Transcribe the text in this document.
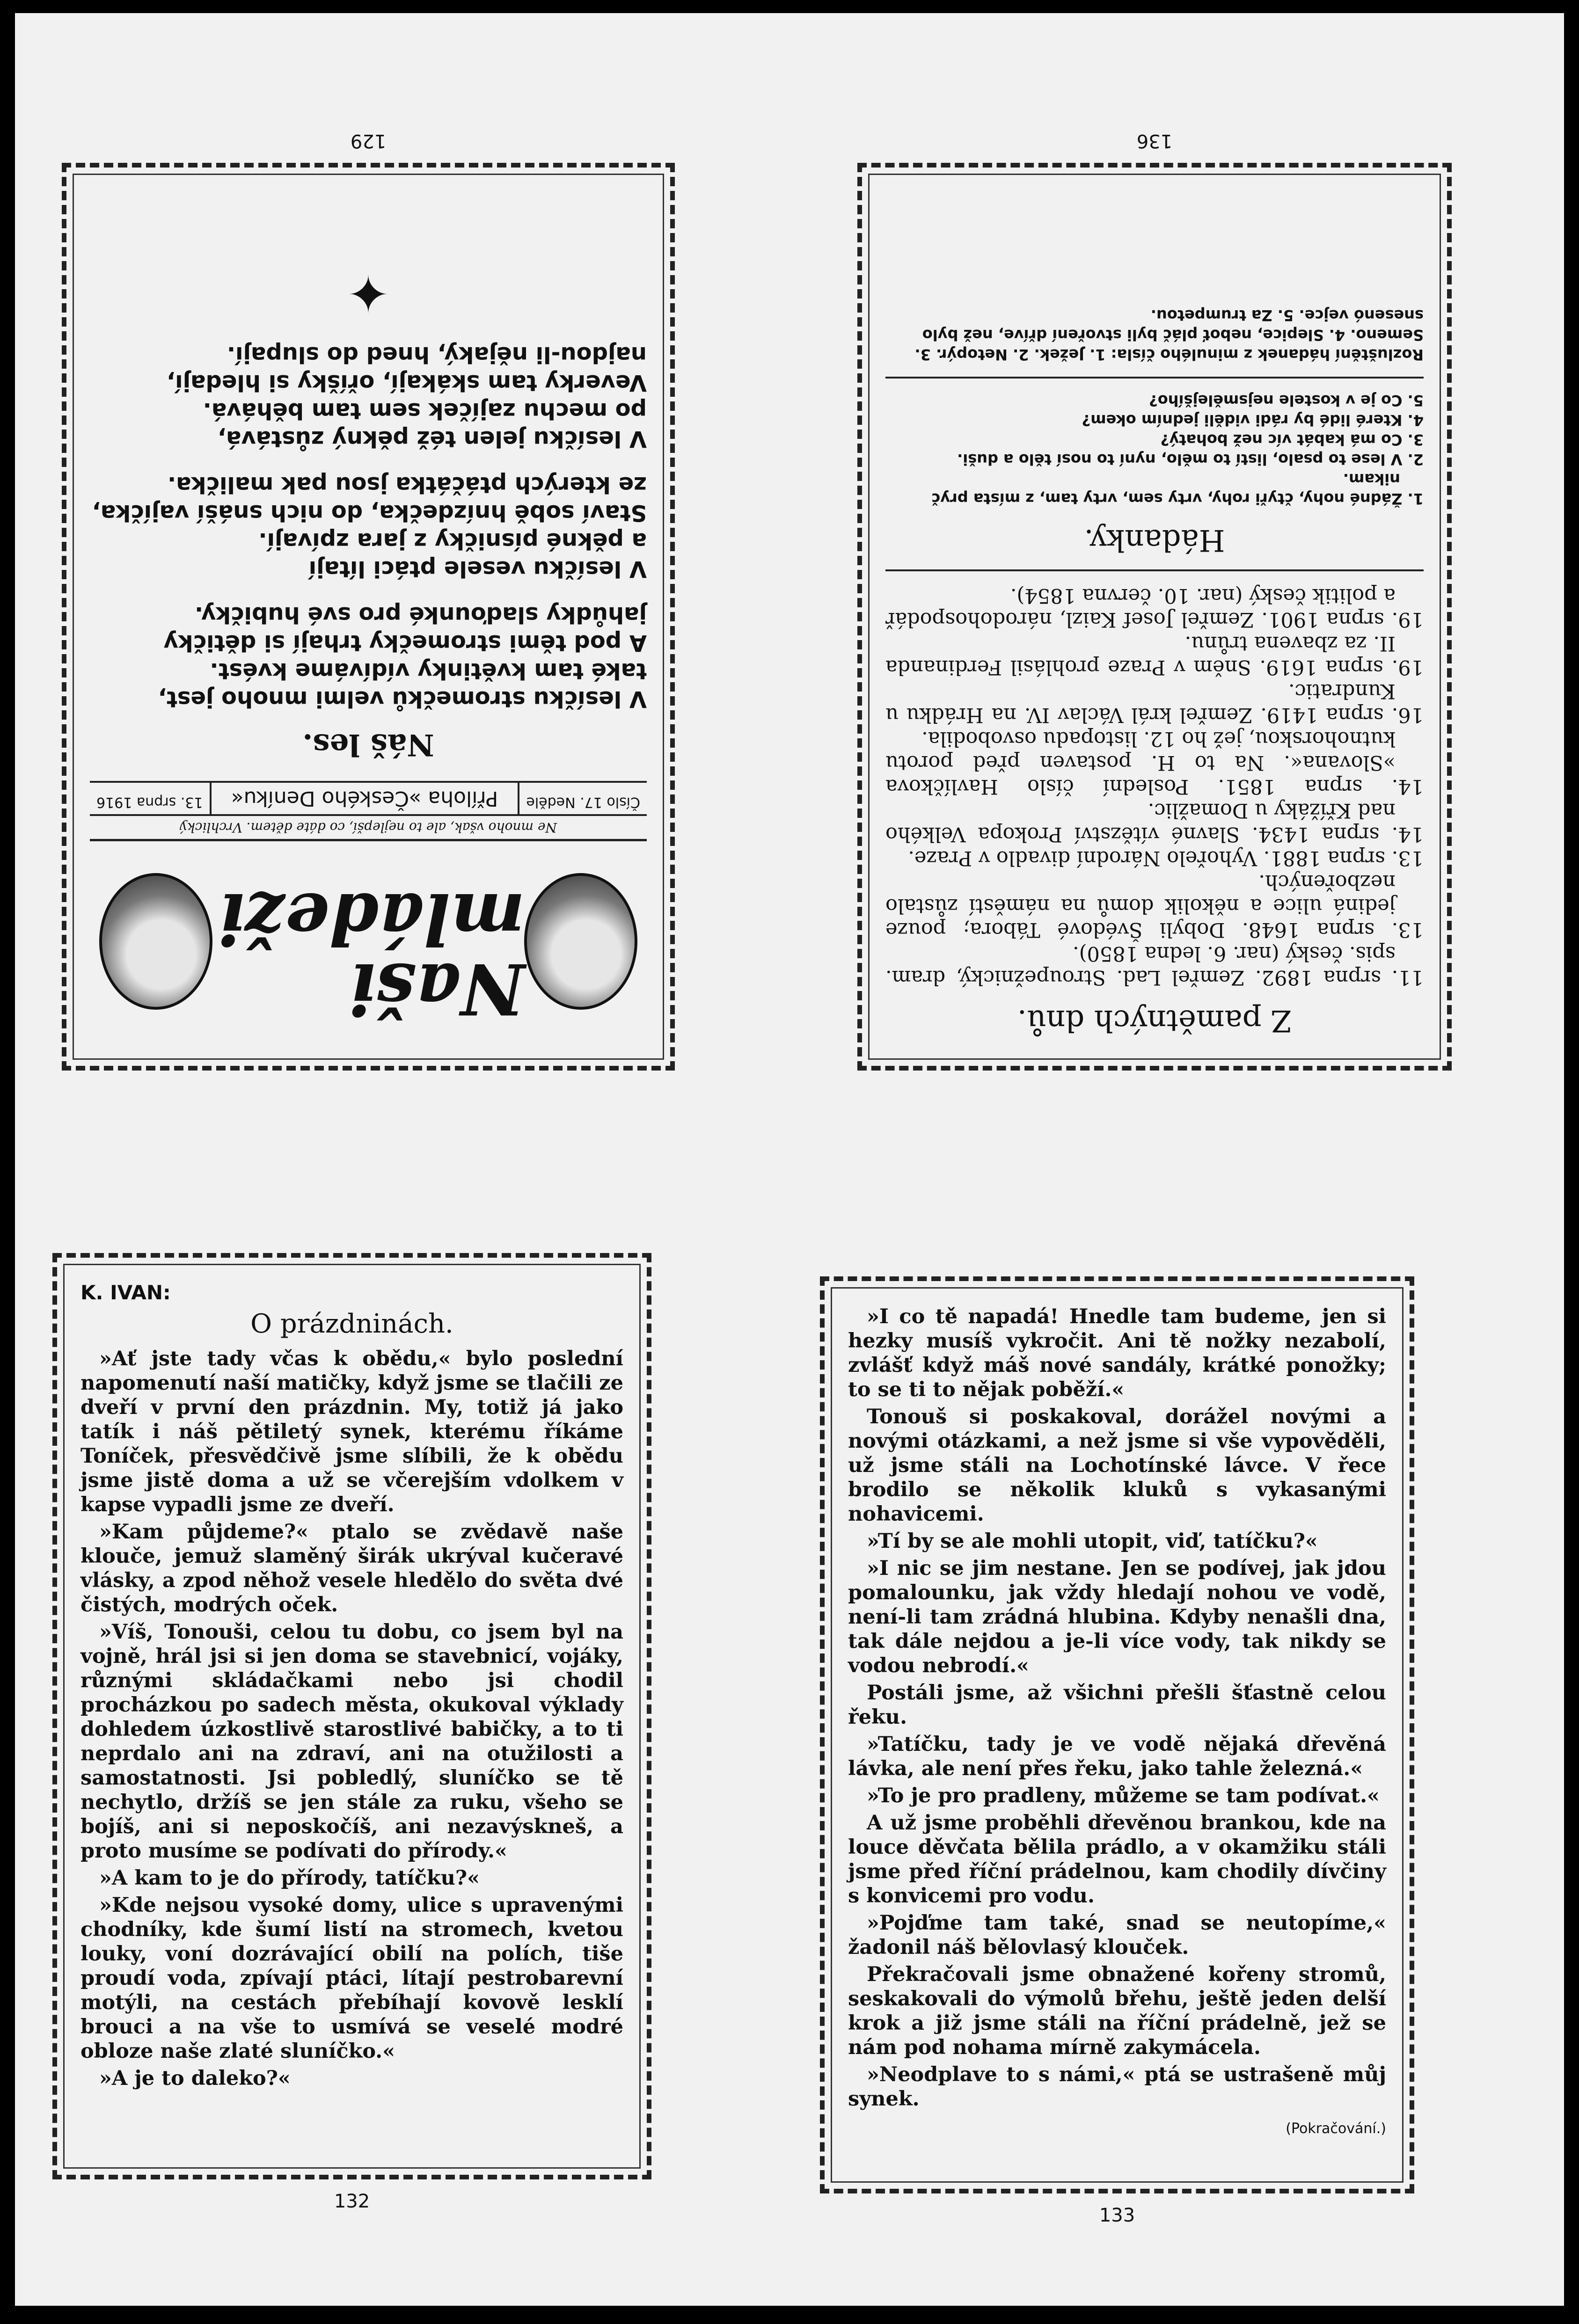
Naši mládeži
Ne mnoho však, ale to nejlepší, co dáte dětem. Vrchlický
Číslo 17. Neděle
Příloha »Českého Deníku«
13. srpna 1916
Náš les.
V lesíčku stromečků velmi mnoho jest,
také tam květinky vídíváme kvést.
A pod těmi stromečky trhají si dětičky
jahůdky slaďounké pro své hubičky.
V lesíčku vesele ptáci lítají
a pěkné písničky z jara zpívají.
Staví sobě hnízdečka, do nich snáší vajíčka,
ze kterých ptáčátka jsou pak malička.
V lesíčku jelen též pěkný zůstává,
po mechu zajíček sem tam běhává.
Veverky tam skákají, oříšky si hledají,
najdou-li nějaký, hned do slupají.
✦
129
Z pamětných dnů.
11. srpna 1892. Zemřel Lad. Stroupežnický, dram. spis. český (nar. 6. ledna 1850).
13. srpna 1648. Dobyli Švédové Tábora; pouze jediná ulice a několik domů na náměstí zůstalo nezbořených.
13. srpna 1881. Vyhořelo Národní divadlo v Praze.
14. srpna 1434. Slavné vítězství Prokopa Velkého nad Křížáky u Domažlic.
14. srpna 1851. Poslední číslo Havlíčkova »Slovana«. Na to H. postaven před porotu kutnohorskou, jež ho 12. listopadu osvobodila.
16. srpna 1419. Zemřel král Václav IV. na Hrádku u Kundratic.
19. srpna 1619. Sněm v Praze prohlásil Ferdinanda II. za zbavena trůnu.
19. srpna 1901. Zemřel Josef Kaizl, národohospodář a politik český (nar. 10. června 1854).
Hádanky.
1. Žádné nohy, čtyři rohy, vrty sem, vrty tam, z místa pryč nikam.
2. V lese to psalo, listí to mělo, nyní to nosí tělo a duši.
3. Co má kabát víc než bohatý?
4. Které lidé by rádi viděli jedním okem?
5. Co je v kostele nejsmělejšího?
Rozluštění hádanek z minulého čísla: 1. Ježek. 2. Netopýr. 3. Semeno. 4. Slepice, neboť pláč byli stvoření dříve, než bylo snesenó vejce. 5. Za trumpetou.
136
K. IVAN:
O prázdninách.

»Ať jste tady včas k obědu,« bylo poslední napomenutí naší matičky, když jsme se tlačili ze dveří v první den prázdnin. My, totiž já jako tatík i náš pětiletý synek, kterému říkáme Toníček, přesvědčivě jsme slíbili, že k obědu jsme jistě doma a už se včerejším vdolkem v kapse vypadli jsme ze dveří.

»Kam půjdeme?« ptalo se zvědavě naše kloučе, jemuž slaměný širák ukrýval kučeravé vlásky, a zpod něhož vesele hledělo do světa dvé čistých, modrých oček.

»Víš, Tonouši, celou tu dobu, co jsem byl na vojně, hrál jsi si jen doma se stavebnicí, vojáky, různými skládačkami nebo jsi chodil procházkou po sadech města, okukoval výklady dohledem úzkostlivě starostlivé babičky, a to ti neprdalo ani na zdraví, ani na otužilosti a samostatnosti. Jsi pobledlý, sluníčko se tě nechytlo, držíš se jen stále za ruku, všeho se bojíš, ani si neposkočíš, ani nezavýskneš, a proto musíme se podívati do přírody.«

»A kam to je do přírody, tatíčku?«

»Kde nejsou vysoké domy, ulice s upravenými chodníky, kde šumí listí na stromech, kvetou louky, voní dozrávající obilí na polích, tiše proudí voda, zpívají ptáci, lítají pestrobarevní motýli, na cestách přebíhají kovově lesklí brouci a na vše to usmívá se veselé modré obloze naše zlaté sluníčko.«

»A je to daleko?«

132

»I co tě napadá! Hnedle tam budeme, jen si hezky musíš vykročit. Ani tě nožky nezabolí, zvlášť když máš nové sandály, krátké ponožky; to se ti to nějak poběží.«

Tonouš si poskakoval, dorážel novými a novými otázkami, a než jsme si vše vypověděli, už jsme stáli na Lochotínské lávce. V řece brodilo se několik kluků s vykasanými nohavicemi.

»Tí by se ale mohli utopit, viď, tatíčku?«

»I nic se jim nestane. Jen se podívej, jak jdou pomalounku, jak vždy hledají nohou ve vodě, není-li tam zrádná hlubina. Kdyby nenašli dna, tak dále nejdou a je-li více vody, tak nikdy se vodou nebrodí.«

Postáli jsme, až všichni přešli šťastně celou řeku.

»Tatíčku, tady je ve vodě nějaká dřevěná lávka, ale není přes řeku, jako tahle železná.«

»To je pro pradleny, můžeme se tam podívat.«

A už jsme proběhli dřevěnou brankou, kde na louce děvčata bělila prádlo, a v okamžiku stáli jsme před říční prádelnou, kam chodily dívčiny s konvicemi pro vodu.

»Pojďme tam také, snad se neutopíme,« žadonil náš bělovlasý klouček.

Překračovali jsme obnažené kořeny stromů, seskakovali do výmolů břehu, ještě jeden delší krok a již jsme stáli na říční prádelně, jež se nám pod nohama mírně zakymácela.

»Neodplave to s námi,« ptá se ustrašeně můj synek.

(Pokračování.)
133
